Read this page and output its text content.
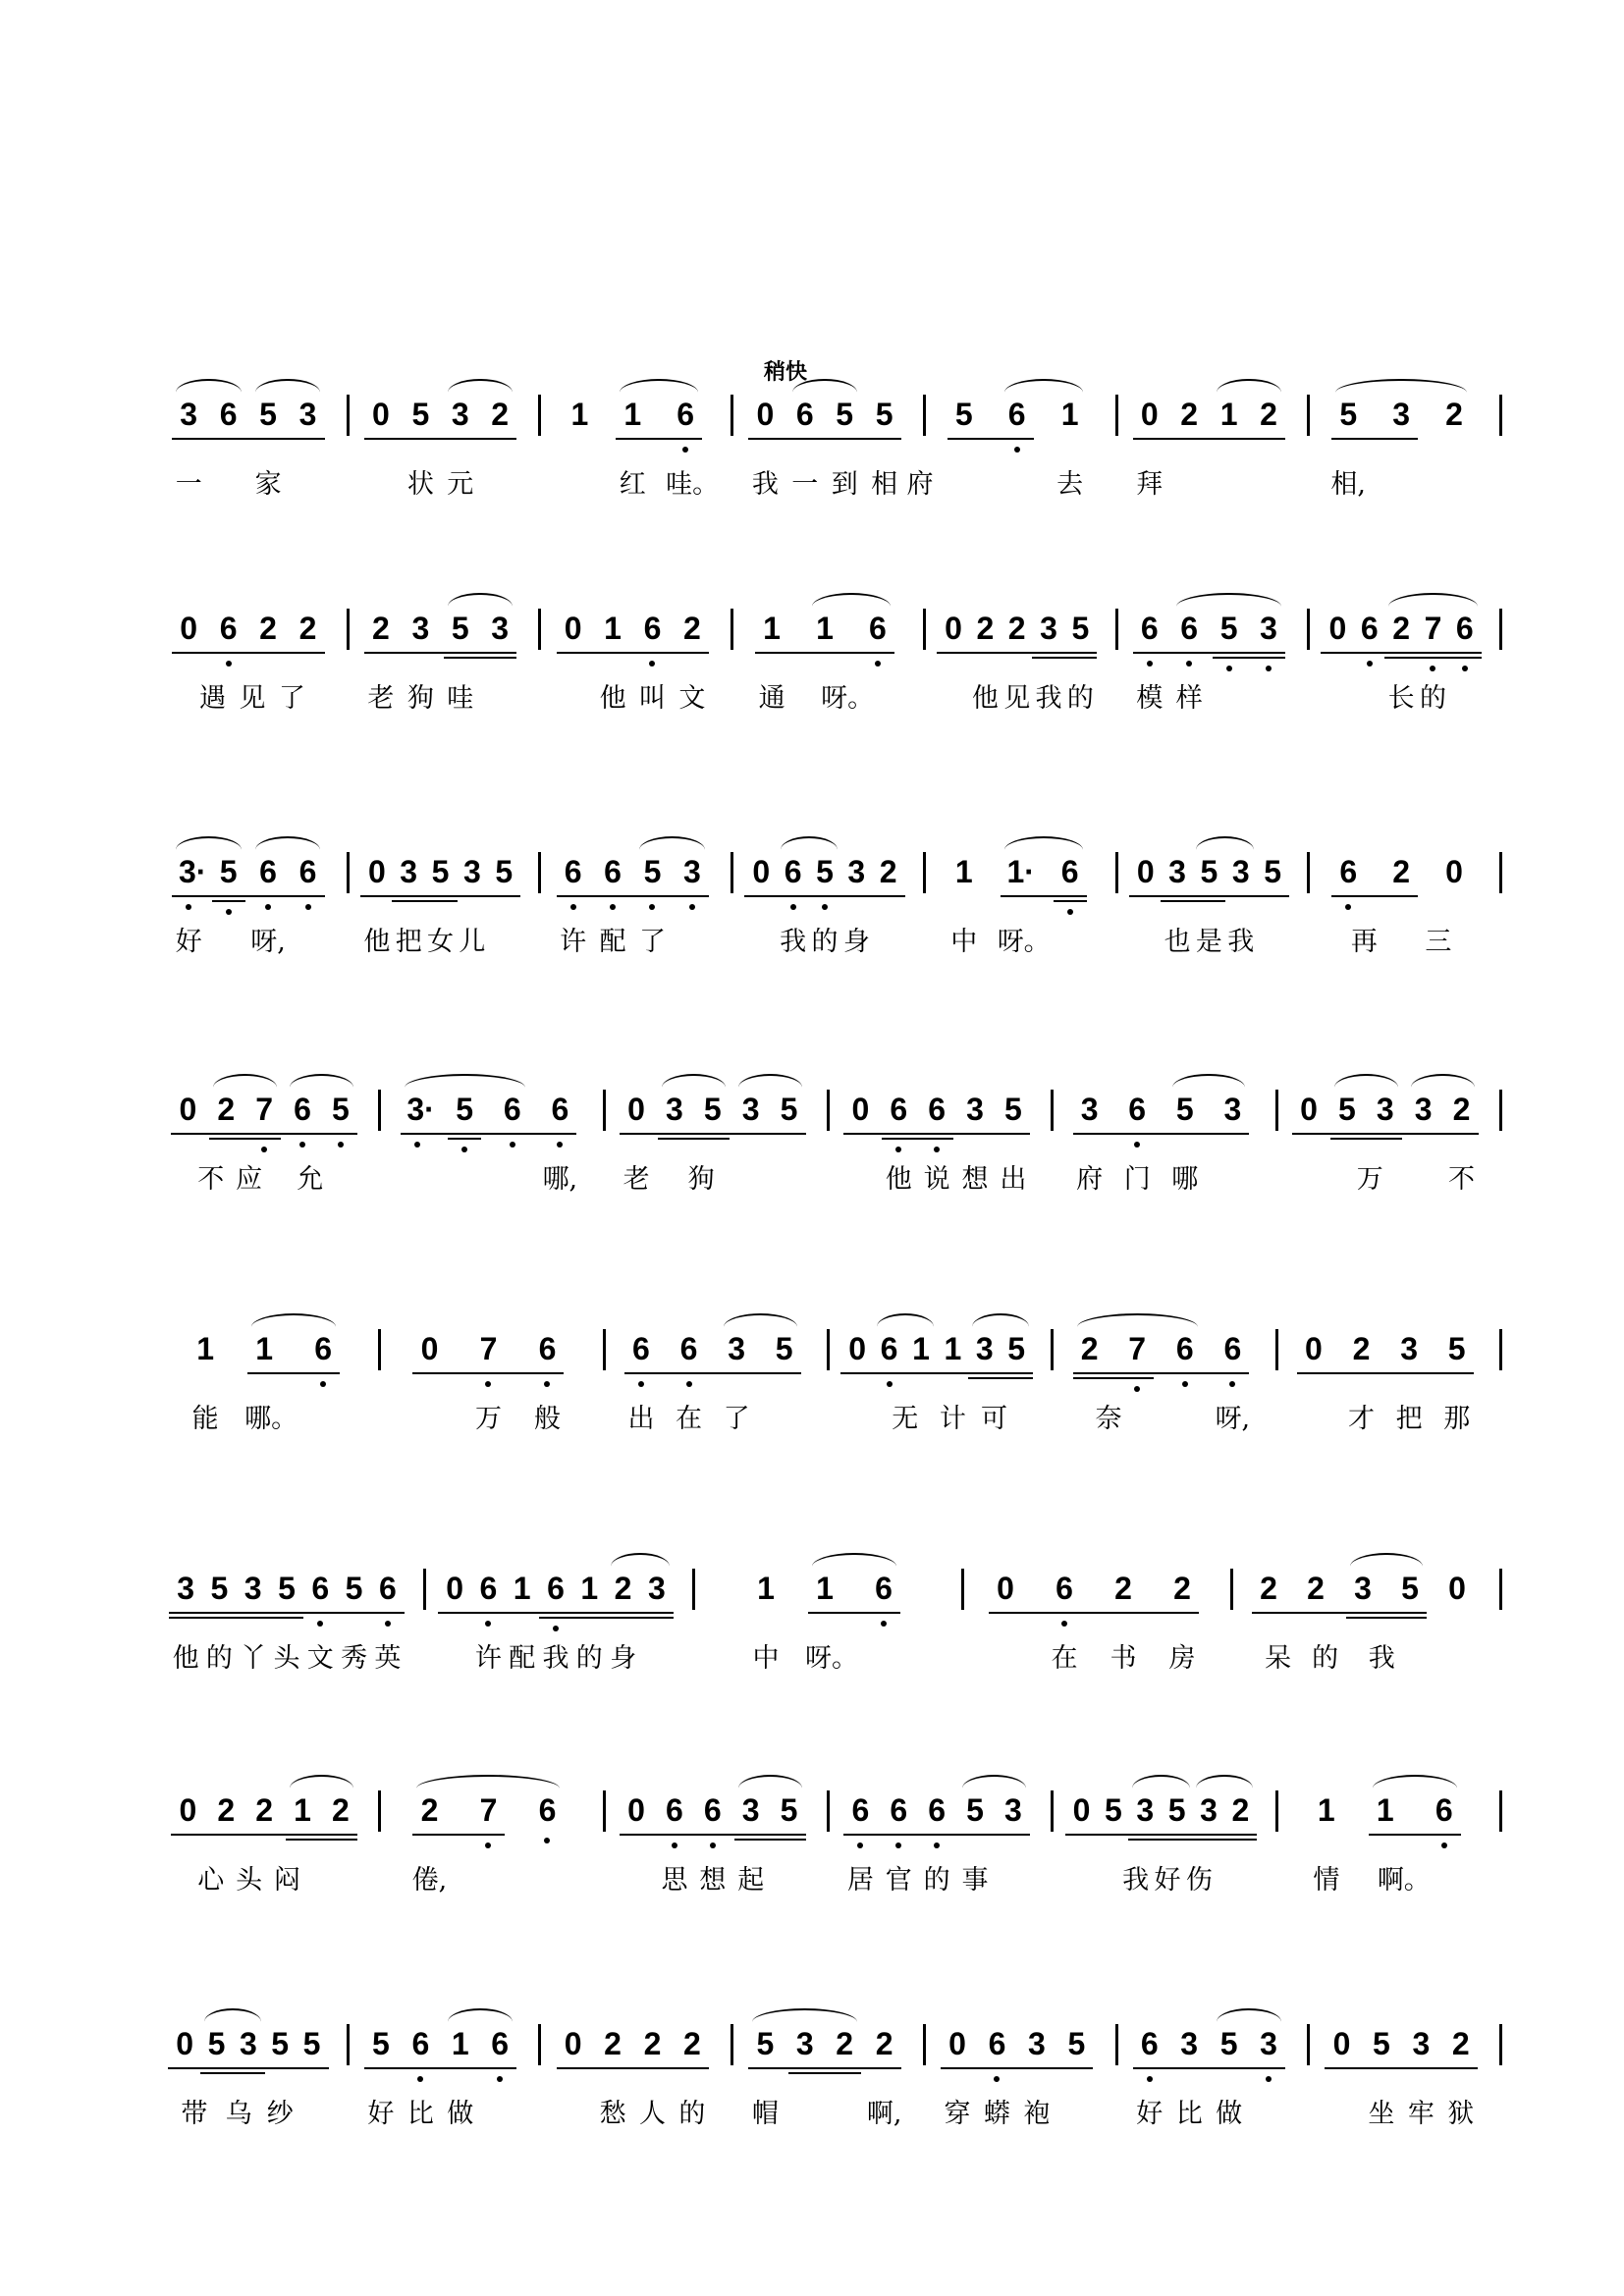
稍快
3 6 5 3
一 家
0 5 3 2
状 元
1 1 6
红 哇。
0 6 5 5
我 一 到 相 府
5 6 1
去
0 2 1 2
拜
5 3 2
相,
0 6 2 2
遇 见 了
2 3 5 3
老 狗 哇
0 1 6 2
他 叫 文
1 1 6
通 呀。
0 2 2 3 5
他 见 我 的
6 6 5 3
模 样
0 6 2 7 6
长 的
3· 5 6 6
好 呀,
0 3 5 3 5
他 把 女 儿
6 6 5 3
许 配 了
0 6 5 3 2
我 的 身
1 1· 6
中 呀。
0 3 5 3 5
也 是 我
6 2 0
再 三
0 2 7 6 5
不 应 允
3· 5 6 6
哪,
0 3 5 3 5
老 狗
0 6 6 3 5
他 说 想 出
3 6 5 3
府 门 哪
0 5 3 3 2
万 不
1 1 6
能 哪。
0 7 6
万 般
6 6 3 5
出 在 了
0 6 1 1 3 5
无 计 可
2 7 6 6
奈	呀,
0 2 3 5
才 把 那
3 5 3 5 6 5 6
他 的 丫 头 文 秀 英
0 6 1 6 1 2 3
许 配 我 的 身
1 1 6
中 呀。
0 6 2 2
在 书 房
2 2 3 5 0
呆 的 我
0 2 2 1 2
心 头 闷
2 7 6
倦,
0 6 6 3 5
思 想 起
6 6 6 5 3
居 官 的 事
0 5 3 5 3 2
我 好 伤
1 1 6
情 啊。
0 5 3 5 5
带 乌 纱
5 6 1 6
好 比 做
0 2 2 2
愁 人 的
5 3 2 2
帽	啊,
0 6 3 5
穿 蟒 袍
6 3 5 3
好 比 做
0 5 3 2
坐 牢 狱
